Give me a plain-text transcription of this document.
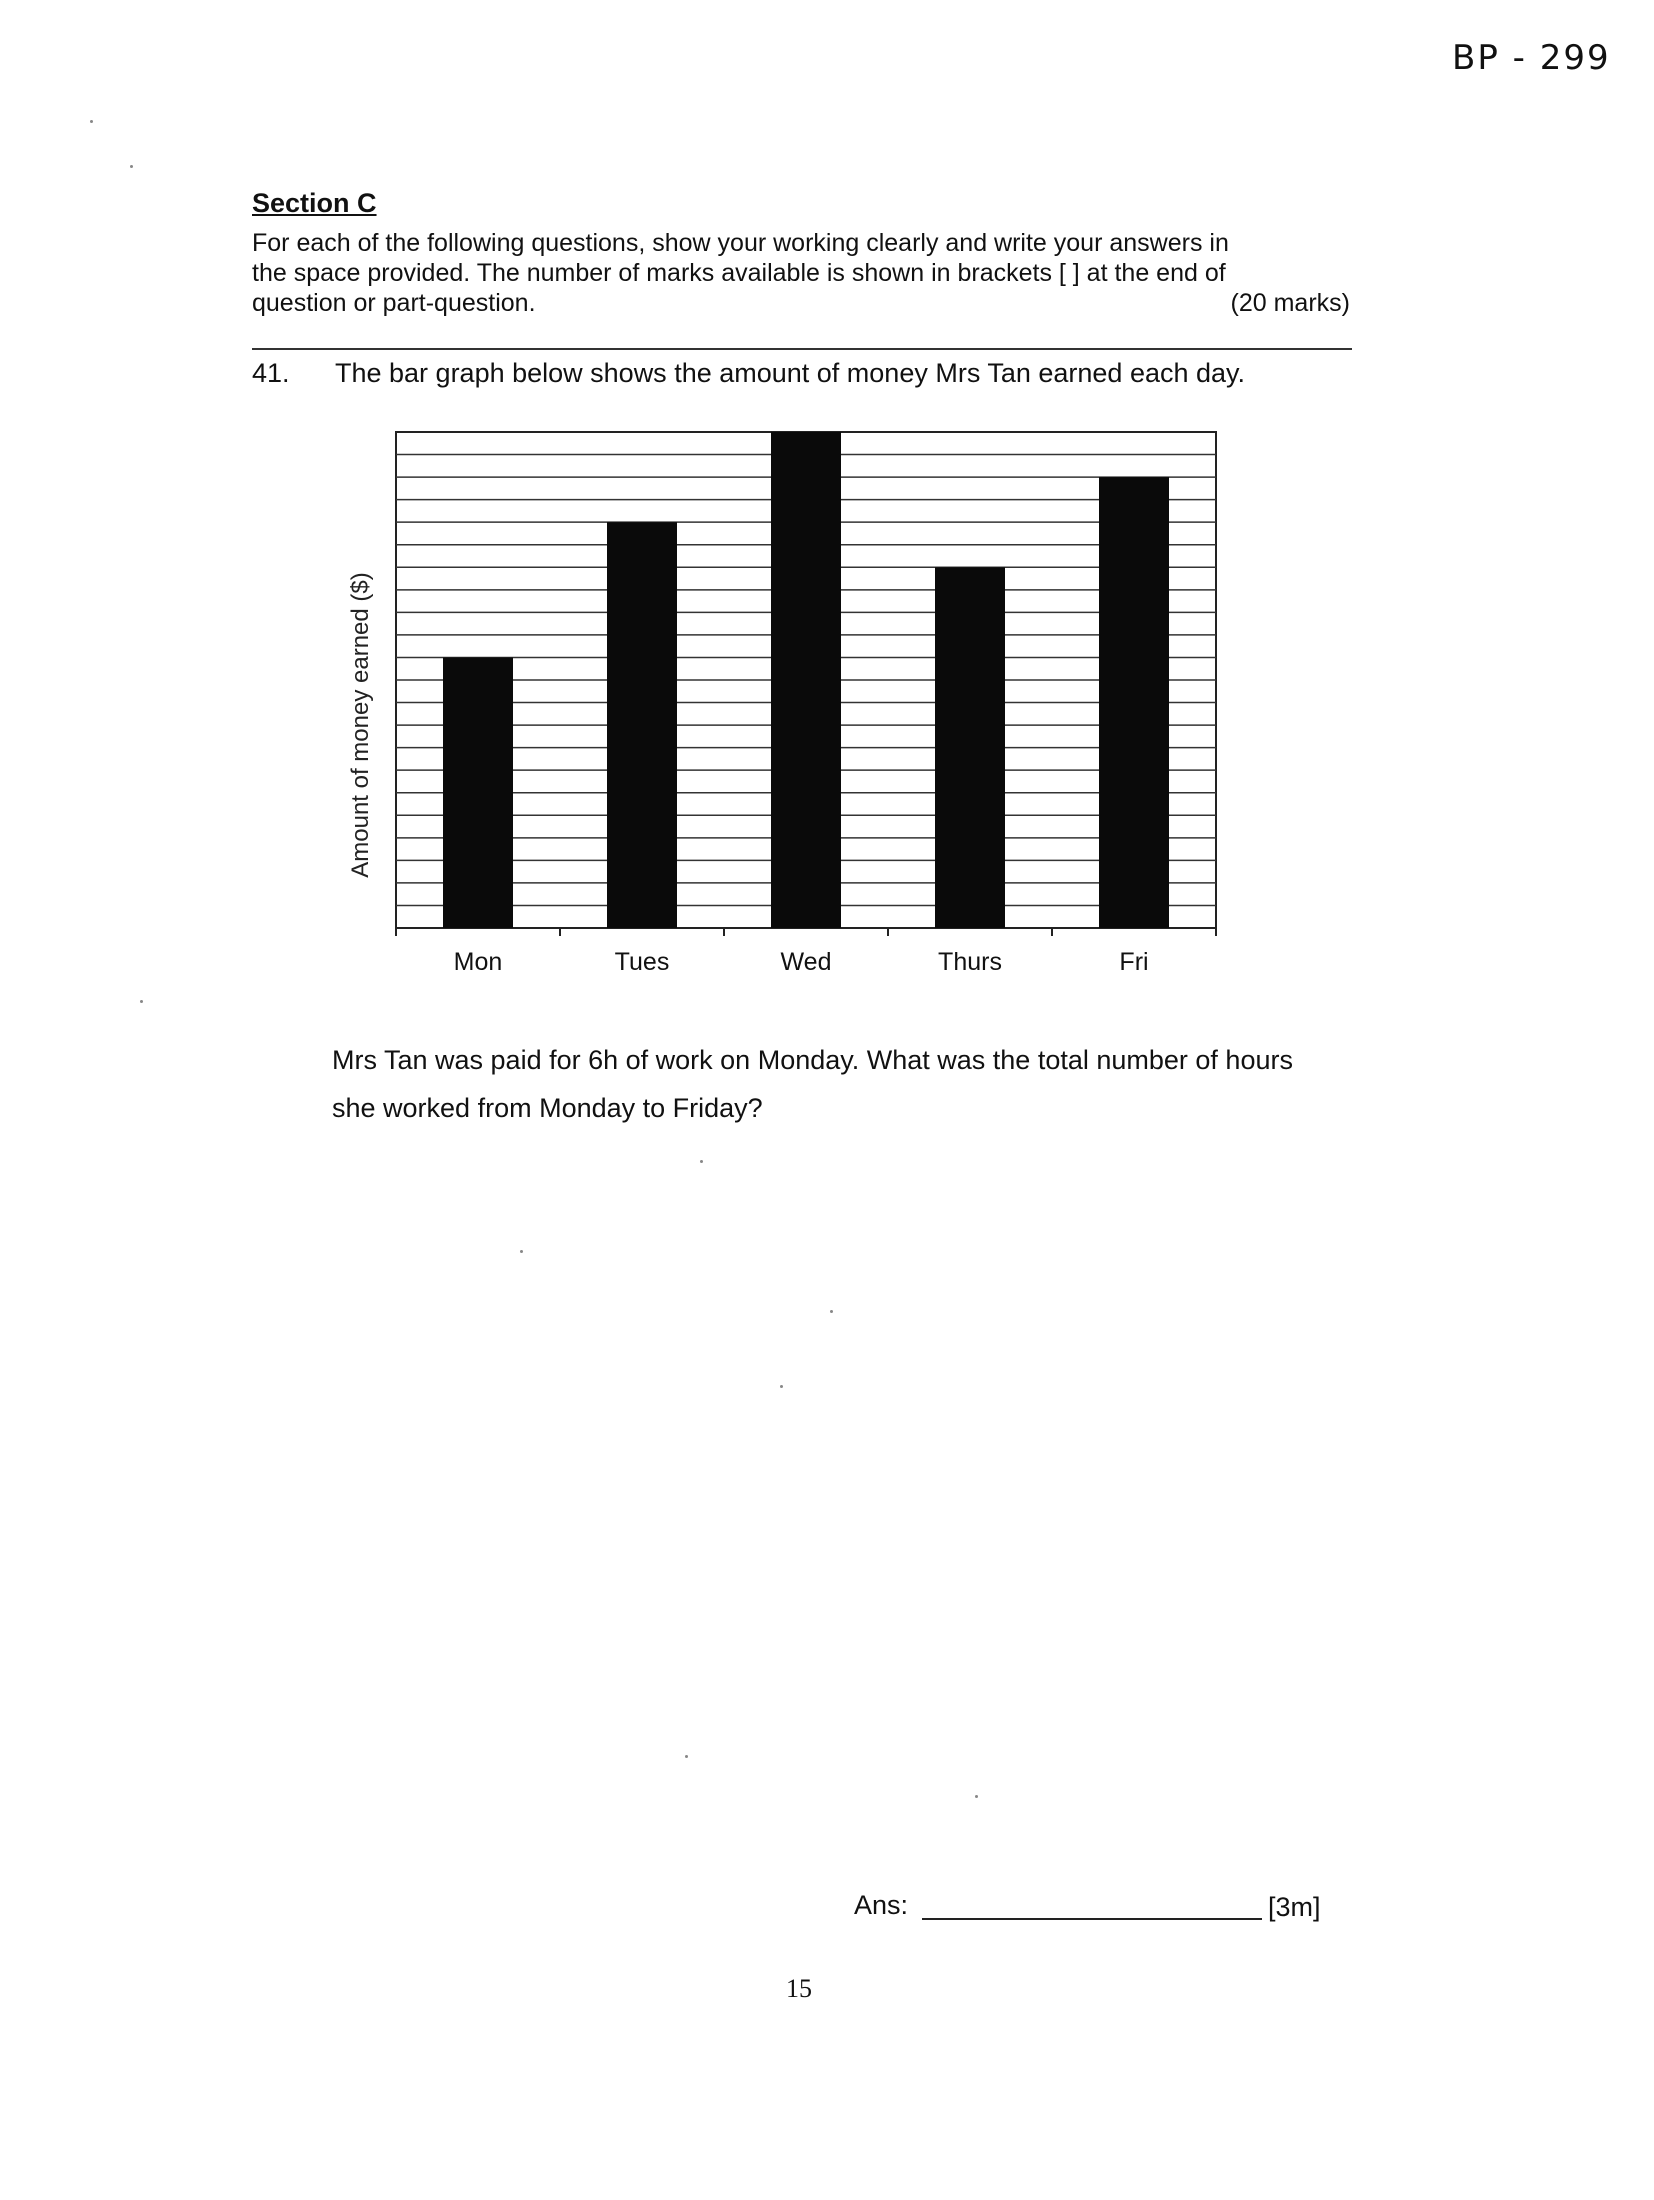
BP - 299
Section C
For each of the following questions, show your working clearly and write your answers in
the space provided. The number of marks available is shown in brackets [ ] at the end of
question or part-question.	(20 marks)
41. The bar graph below shows the amount of money Mrs Tan earned each day.
Mon	Tues	Wed	Thurs	Fri
Amount of money earned ($)
Mrs Tan was paid for 6h of work on Monday. What was the total number of hours
she worked from Monday to Friday?
Ans:	[3m]
15
